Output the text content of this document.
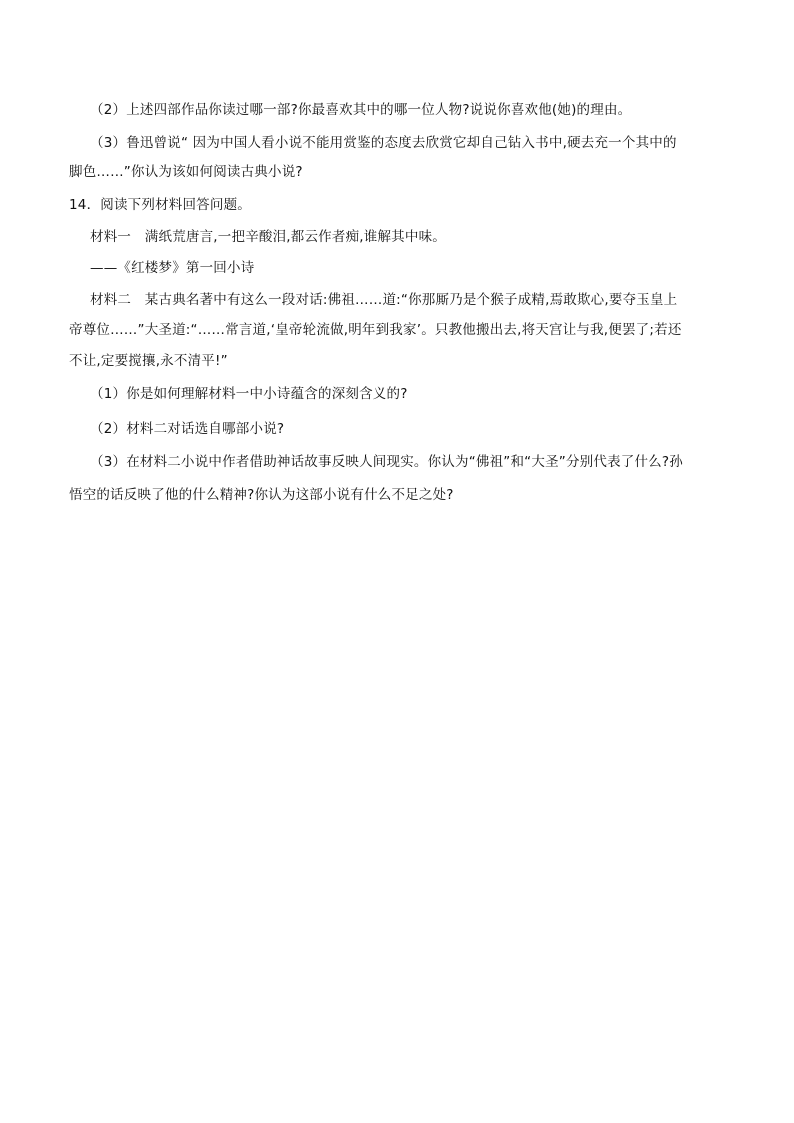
（2）上述四部作品你读过哪一部?你最喜欢其中的哪一位人物?说说你喜欢他(她)的理由。
（3）鲁迅曾说“ 因为中国人看小说不能用赏鉴的态度去欣赏它却自己钻入书中,硬去充一个其中的
脚色……”你认为该如何阅读古典小说?
14．阅读下列材料回答问题。
材料一　满纸荒唐言,一把辛酸泪,都云作者痴,谁解其中味。
——《红楼梦》第一回小诗
材料二　某古典名著中有这么一段对话:佛祖……道:“你那厮乃是个猴子成精,焉敢欺心,要夺玉皇上
帝尊位……”大圣道:“……常言道,‘皇帝轮流做,明年到我家’。只教他搬出去,将天宫让与我,便罢了;若还
不让,定要搅攘,永不清平!”
（1）你是如何理解材料一中小诗蕴含的深刻含义的?
（2）材料二对话选自哪部小说?
（3）在材料二小说中作者借助神话故事反映人间现实。你认为“佛祖”和“大圣”分别代表了什么?孙
悟空的话反映了他的什么精神?你认为这部小说有什么不足之处?
